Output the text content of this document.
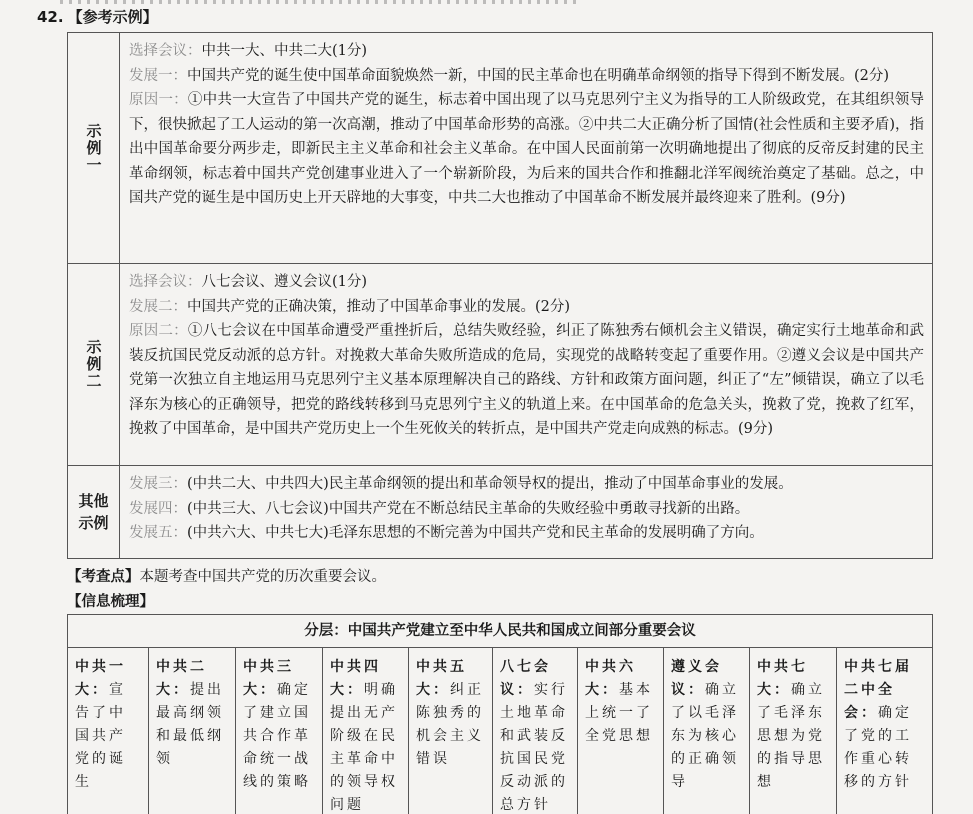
42. 【参考示例】
示例一

选择会议：中共一大、中共二大(1分)

发展一：中国共产党的诞生使中国革命面貌焕然一新，中国的民主革命也在明确革命纲领的指导下得到不断发展。(2分)

原因一：①中共一大宣告了中国共产党的诞生，标志着中国出现了以马克思列宁主义为指导的工人阶级政党，在其组织领导下，很快掀起了工人运动的第一次高潮，推动了中国革命形势的高涨。②中共二大正确分析了国情(社会性质和主要矛盾)，指出中国革命要分两步走，即新民主主义革命和社会主义革命。在中国人民面前第一次明确地提出了彻底的反帝反封建的民主革命纲领，标志着中国共产党创建事业进入了一个崭新阶段，为后来的国共合作和推翻北洋军阀统治奠定了基础。总之，中国共产党的诞生是中国历史上开天辟地的大事变，中共二大也推动了中国革命不断发展并最终迎来了胜利。(9分)

示例二

选择会议：八七会议、遵义会议(1分)

发展二：中国共产党的正确决策，推动了中国革命事业的发展。(2分)

原因二：①八七会议在中国革命遭受严重挫折后，总结失败经验，纠正了陈独秀右倾机会主义错误，确定实行土地革命和武装反抗国民党反动派的总方针。对挽救大革命失败所造成的危局，实现党的战略转变起了重要作用。②遵义会议是中国共产党第一次独立自主地运用马克思列宁主义基本原理解决自己的路线、方针和政策方面问题，纠正了“左”倾错误，确立了以毛泽东为核心的正确领导，把党的路线转移到马克思列宁主义的轨道上来。在中国革命的危急关头，挽救了党，挽救了红军，挽救了中国革命，是中国共产党历史上一个生死攸关的转折点，是中国共产党走向成熟的标志。(9分)

其他示例

发展三：(中共二大、中共四大)民主革命纲领的提出和革命领导权的提出，推动了中国革命事业的发展。

发展四：(中共三大、八七会议)中国共产党在不断总结民主革命的失败经验中勇敢寻找新的出路。

发展五：(中共六大、中共七大)毛泽东思想的不断完善为中国共产党和民主革命的发展明确了方向。

【考查点】本题考查中国共产党的历次重要会议。
【信息梳理】
分层：中国共产党建立至中华人民共和国成立间部分重要会议
中共一大：宣告了中国共产党的诞生
中共二大：提出最高纲领和最低纲领
中共三大：确定了建立国共合作革命统一战线的策略
中共四大：明确提出无产阶级在民主革命中的领导权问题
中共五大：纠正陈独秀的机会主义错误
八七会议：实行土地革命和武装反抗国民党反动派的总方针
中共六大：基本上统一了全党思想
遵义会议：确立了以毛泽东为核心的正确领导
中共七大：确立了毛泽东思想为党的指导思想
中共七届二中全会：确定了党的工作重心转移的方针
